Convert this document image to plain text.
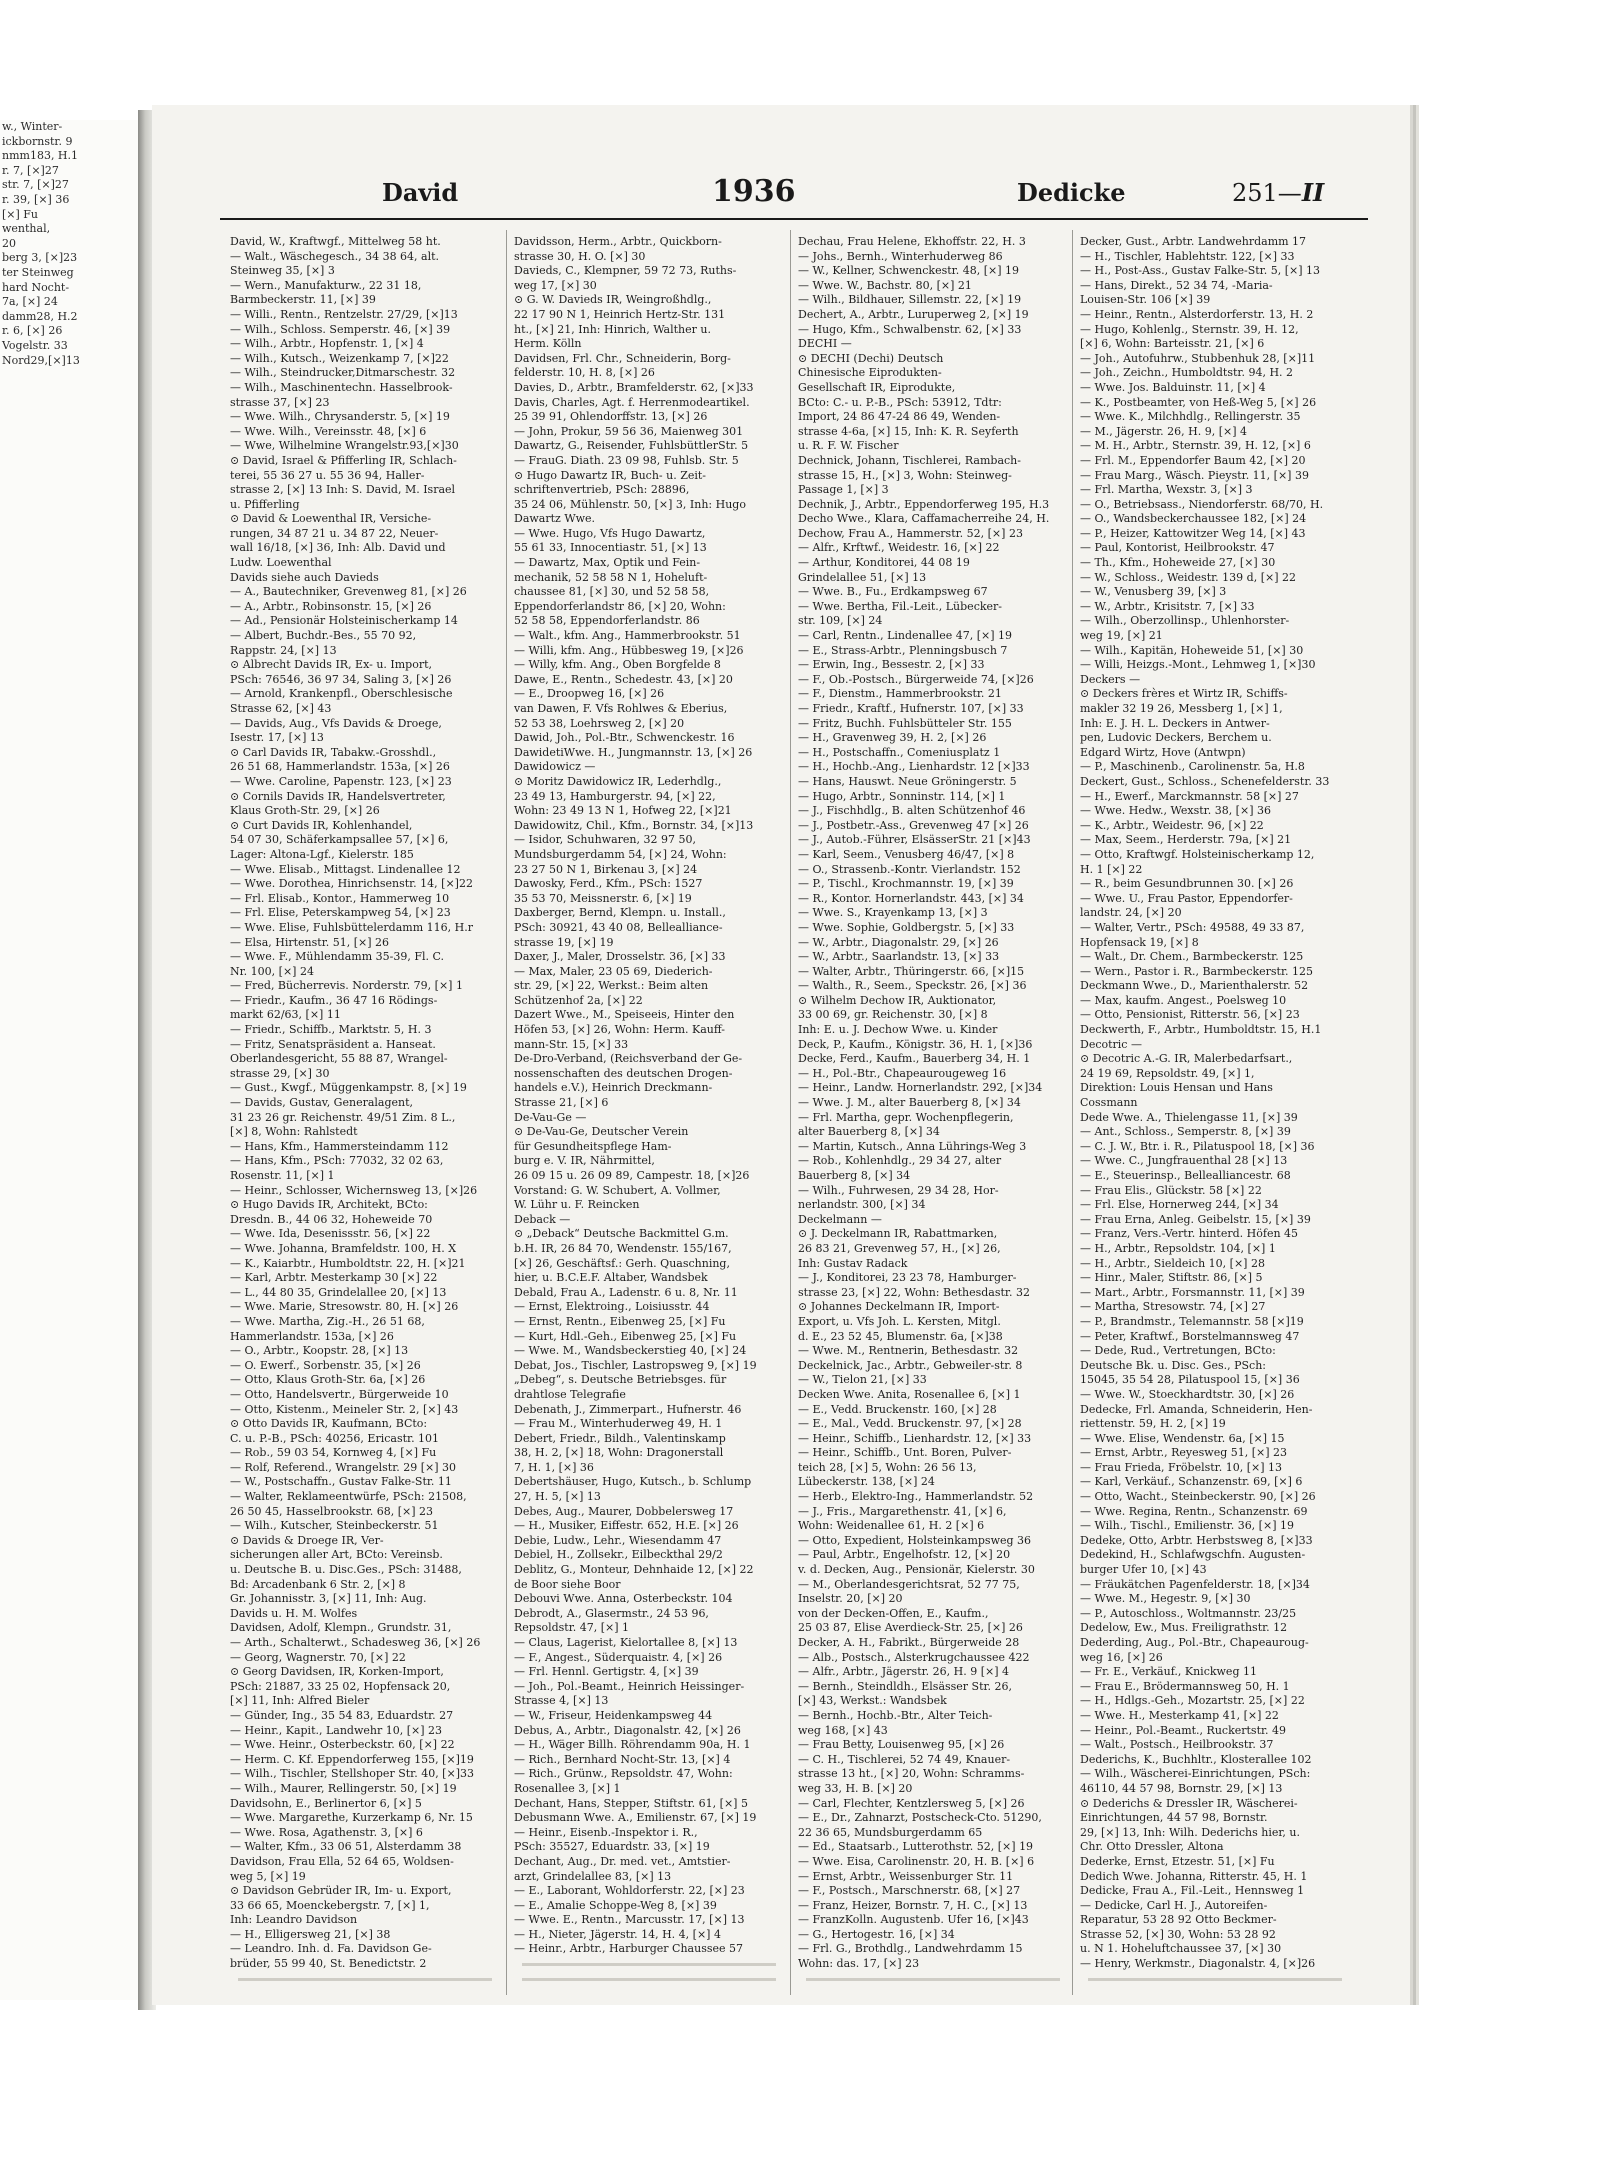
w., Winter-
ickbornstr. 9
nmm183, H.1
r. 7, [×]27
str. 7, [×]27
r. 39, [×] 36
[×] Fu
wenthal,
20
berg 3, [×]23
ter Steinweg
hard Nocht-
7a, [×] 24
damm28, H.2
r. 6, [×] 26
Vogelstr. 33
Nord29,[×]13
David	1936	Dedicke	251—II
David, W., Kraftwgf., Mittelweg 58 ht.
— Walt., Wäschegesch., 34 38 64, alt.
Steinweg 35, [×] 3
— Wern., Manufakturw., 22 31 18,
Barmbeckerstr. 11, [×] 39
— Willi., Rentn., Rentzelstr. 27/29, [×]13
— Wilh., Schloss. Semperstr. 46, [×] 39
— Wilh., Arbtr., Hopfenstr. 1, [×] 4
— Wilh., Kutsch., Weizenkamp 7, [×]22
— Wilh., Steindrucker,Ditmarschestr. 32
— Wilh., Maschinentechn. Hasselbrook-
strasse 37, [×] 23
— Wwe. Wilh., Chrysanderstr. 5, [×] 19
— Wwe. Wilh., Vereinsstr. 48, [×] 6
— Wwe, Wilhelmine Wrangelstr.93,[×]30
⊙ David, Israel & Pfifferling IR, Schlach-
terei, 55 36 27 u. 55 36 94, Haller-
strasse 2, [×] 13 Inh: S. David, M. Israel
u. Pfifferling
⊙ David & Loewenthal IR, Versiche-
rungen, 34 87 21 u. 34 87 22, Neuer-
wall 16/18, [×] 36, Inh: Alb. David und
Ludw. Loewenthal
Davids siehe auch Davieds
— A., Bautechniker, Grevenweg 81, [×] 26
— A., Arbtr., Robinsonstr. 15, [×] 26
— Ad., Pensionär Holsteinischerkamp 14
— Albert, Buchdr.-Bes., 55 70 92,
Rappstr. 24, [×] 13
⊙ Albrecht Davids IR, Ex- u. Import,
PSch: 76546, 36 97 34, Saling 3, [×] 26
— Arnold, Krankenpfl., Oberschlesische
Strasse 62, [×] 43
— Davids, Aug., Vfs Davids & Droege,
Isestr. 17, [×] 13
⊙ Carl Davids IR, Tabakw.-Grosshdl.,
26 51 68, Hammerlandstr. 153a, [×] 26
— Wwe. Caroline, Papenstr. 123, [×] 23
⊙ Cornils Davids IR, Handelsvertreter,
Klaus Groth-Str. 29, [×] 26
⊙ Curt Davids IR, Kohlenhandel,
54 07 30, Schäferkampsallee 57, [×] 6,
Lager: Altona-Lgf., Kielerstr. 185
— Wwe. Elisab., Mittagst. Lindenallee 12
— Wwe. Dorothea, Hinrichsenstr. 14, [×]22
— Frl. Elisab., Kontor., Hammerweg 10
— Frl. Elise, Peterskampweg 54, [×] 23
— Wwe. Elise, Fuhlsbüttelerdamm 116, H.r
— Elsa, Hirtenstr. 51, [×] 26
— Wwe. F., Mühlendamm 35-39, Fl. C.
Nr. 100, [×] 24
— Fred, Bücherrevis. Norderstr. 79, [×] 1
— Friedr., Kaufm., 36 47 16 Rödings-
markt 62/63, [×] 11
— Friedr., Schiffb., Marktstr. 5, H. 3
— Fritz, Senatspräsident a. Hanseat.
Oberlandesgericht, 55 88 87, Wrangel-
strasse 29, [×] 30
— Gust., Kwgf., Müggenkampstr. 8, [×] 19
— Davids, Gustav, Generalagent,
31 23 26 gr. Reichenstr. 49/51 Zim. 8 L.,
[×] 8, Wohn: Rahlstedt
— Hans, Kfm., Hammersteindamm 112
— Hans, Kfm., PSch: 77032, 32 02 63,
Rosenstr. 11, [×] 1
— Heinr., Schlosser, Wichernsweg 13, [×]26
⊙ Hugo Davids IR, Architekt, BCto:
Dresdn. B., 44 06 32, Hoheweide 70
— Wwe. Ida, Desenissstr. 56, [×] 22
— Wwe. Johanna, Bramfeldstr. 100, H. X
— K., Kaiarbtr., Humboldtstr. 22, H. [×]21
— Karl, Arbtr. Mesterkamp 30 [×] 22
— L., 44 80 35, Grindelallee 20, [×] 13
— Wwe. Marie, Stresowstr. 80, H. [×] 26
— Wwe. Martha, Zig.-H., 26 51 68,
Hammerlandstr. 153a, [×] 26
— O., Arbtr., Koopstr. 28, [×] 13
— O. Ewerf., Sorbenstr. 35, [×] 26
— Otto, Klaus Groth-Str. 6a, [×] 26
— Otto, Handelsvertr., Bürgerweide 10
— Otto, Kistenm., Meineler Str. 2, [×] 43
⊙ Otto Davids IR, Kaufmann, BCto:
C. u. P.-B., PSch: 40256, Ericastr. 101
— Rob., 59 03 54, Kornweg 4, [×] Fu
— Rolf, Referend., Wrangelstr. 29 [×] 30
— W., Postschaffn., Gustav Falke-Str. 11
— Walter, Reklameentwürfe, PSch: 21508,
26 50 45, Hasselbrookstr. 68, [×] 23
— Wilh., Kutscher, Steinbeckerstr. 51
⊙ Davids & Droege IR, Ver-
sicherungen aller Art, BCto: Vereinsb.
u. Deutsche B. u. Disc.Ges., PSch: 31488,
Bd: Arcadenbank 6 Str. 2, [×] 8
Gr. Johannisstr. 3, [×] 11, Inh: Aug.
Davids u. H. M. Wolfes
Davidsen, Adolf, Klempn., Grundstr. 31,
— Arth., Schalterwt., Schadesweg 36, [×] 26
— Georg, Wagnerstr. 70, [×] 22
⊙ Georg Davidsen, IR, Korken-Import,
PSch: 21887, 33 25 02, Hopfensack 20,
[×] 11, Inh: Alfred Bieler
— Günder, Ing., 35 54 83, Eduardstr. 27
— Heinr., Kapit., Landwehr 10, [×] 23
— Wwe. Heinr., Osterbeckstr. 60, [×] 22
— Herm. C. Kf. Eppendorferweg 155, [×]19
— Wilh., Tischler, Stellshoper Str. 40, [×]33
— Wilh., Maurer, Rellingerstr. 50, [×] 19
Davidsohn, E., Berlinertor 6, [×] 5
— Wwe. Margarethe, Kurzerkamp 6, Nr. 15
— Wwe. Rosa, Agathenstr. 3, [×] 6
— Walter, Kfm., 33 06 51, Alsterdamm 38
Davidson, Frau Ella, 52 64 65, Woldsen-
weg 5, [×] 19
⊙ Davidson Gebrüder IR, Im- u. Export,
33 66 65, Moenckebergstr. 7, [×] 1,
Inh: Leandro Davidson
— H., Elligersweg 21, [×] 38
— Leandro. Inh. d. Fa. Davidson Ge-
brüder, 55 99 40, St. Benedictstr. 2
Davidsson, Herm., Arbtr., Quickborn-
strasse 30, H. O. [×] 30
Davieds, C., Klempner, 59 72 73, Ruths-
weg 17, [×] 30
⊙ G. W. Davieds IR, Weingroßhdlg.,
22 17 90 N 1, Heinrich Hertz-Str. 131
ht., [×] 21, Inh: Hinrich, Walther u.
Herm. Kölln
Davidsen, Frl. Chr., Schneiderin, Borg-
felderstr. 10, H. 8, [×] 26
Davies, D., Arbtr., Bramfelderstr. 62, [×]33
Davis, Charles, Agt. f. Herrenmodeartikel.
25 39 91, Ohlendorffstr. 13, [×] 26
— John, Prokur, 59 56 36, Maienweg 301
Dawartz, G., Reisender, FuhlsbüttlerStr. 5
— FrauG. Diath. 23 09 98, Fuhlsb. Str. 5
⊙ Hugo Dawartz IR, Buch- u. Zeit-
schriftenvertrieb, PSch: 28896,
35 24 06, Mühlenstr. 50, [×] 3, Inh: Hugo
Dawartz Wwe.
— Wwe. Hugo, Vfs Hugo Dawartz,
55 61 33, Innocentiastr. 51, [×] 13
— Dawartz, Max, Optik und Fein-
mechanik, 52 58 58 N 1, Hoheluft-
chaussee 81, [×] 30, und 52 58 58,
Eppendorferlandstr 86, [×] 20, Wohn:
52 58 58, Eppendorferlandstr. 86
— Walt., kfm. Ang., Hammerbrookstr. 51
— Willi, kfm. Ang., Hübbesweg 19, [×]26
— Willy, kfm. Ang., Oben Borgfelde 8
Dawe, E., Rentn., Schedestr. 43, [×] 20
— E., Droopweg 16, [×] 26
van Dawen, F. Vfs Rohlwes & Eberius,
52 53 38, Loehrsweg 2, [×] 20
Dawid, Joh., Pol.-Btr., Schwenckestr. 16
DawidetiWwe. H., Jungmannstr. 13, [×] 26
Dawidowicz —
⊙ Moritz Dawidowicz IR, Lederhdlg.,
23 49 13, Hamburgerstr. 94, [×] 22,
Wohn: 23 49 13 N 1, Hofweg 22, [×]21
Dawidowitz, Chil., Kfm., Bornstr. 34, [×]13
— Isidor, Schuhwaren, 32 97 50,
Mundsburgerdamm 54, [×] 24, Wohn:
23 27 50 N 1, Birkenau 3, [×] 24
Dawosky, Ferd., Kfm., PSch: 1527
35 53 70, Meissnerstr. 6, [×] 19
Daxberger, Bernd, Klempn. u. Install.,
PSch: 30921, 43 40 08, Bellealliance-
strasse 19, [×] 19
Daxer, J., Maler, Drosselstr. 36, [×] 33
— Max, Maler, 23 05 69, Diederich-
str. 29, [×] 22, Werkst.: Beim alten
Schützenhof 2a, [×] 22
Dazert Wwe., M., Speiseeis, Hinter den
Höfen 53, [×] 26, Wohn: Herm. Kauff-
mann-Str. 15, [×] 33
De-Dro-Verband, (Reichsverband der Ge-
nossenschaften des deutschen Drogen-
handels e.V.), Heinrich Dreckmann-
Strasse 21, [×] 6
De-Vau-Ge —
⊙ De-Vau-Ge, Deutscher Verein
für Gesundheitspflege Ham-
burg e. V. IR, Nährmittel,
26 09 15 u. 26 09 89, Campestr. 18, [×]26
Vorstand: G. W. Schubert, A. Vollmer,
W. Lühr u. F. Reincken
Deback —
⊙ „Deback“ Deutsche Backmittel G.m.
b.H. IR, 26 84 70, Wendenstr. 155/167,
[×] 26, Geschäftsf.: Gerh. Quaschning,
hier, u. B.C.E.F. Altaber, Wandsbek
Debald, Frau A., Ladenstr. 6 u. 8, Nr. 11
— Ernst, Elektroing., Loisiusstr. 44
— Ernst, Rentn., Eibenweg 25, [×] Fu
— Kurt, Hdl.-Geh., Eibenweg 25, [×] Fu
— Wwe. M., Wandsbeckerstieg 40, [×] 24
Debat, Jos., Tischler, Lastropsweg 9, [×] 19
„Debeg“, s. Deutsche Betriebsges. für
drahtlose Telegrafie
Debenath, J., Zimmerpart., Hufnerstr. 46
— Frau M., Winterhuderweg 49, H. 1
Debert, Friedr., Bildh., Valentinskamp
38, H. 2, [×] 18, Wohn: Dragonerstall
7, H. 1, [×] 36
Debertshäuser, Hugo, Kutsch., b. Schlump
27, H. 5, [×] 13
Debes, Aug., Maurer, Dobbelersweg 17
— H., Musiker, Eiffestr. 652, H.E. [×] 26
Debie, Ludw., Lehr., Wiesendamm 47
Debiel, H., Zollsekr., Eilbeckthal 29/2
Deblitz, G., Monteur, Dehnhaide 12, [×] 22
de Boor siehe Boor
Debouvi Wwe. Anna, Osterbeckstr. 104
Debrodt, A., Glasermstr., 24 53 96,
Repsoldstr. 47, [×] 1
— Claus, Lagerist, Kielortallee 8, [×] 13
— F., Angest., Süderquaistr. 4, [×] 26
— Frl. Hennl. Gertigstr. 4, [×] 39
— Joh., Pol.-Beamt., Heinrich Heissinger-
Strasse 4, [×] 13
— W., Friseur, Heidenkampsweg 44
Debus, A., Arbtr., Diagonalstr. 42, [×] 26
— H., Wäger Billh. Röhrendamm 90a, H. 1
— Rich., Bernhard Nocht-Str. 13, [×] 4
— Rich., Grünw., Repsoldstr. 47, Wohn:
Rosenallee 3, [×] 1
Dechant, Hans, Stepper, Stiftstr. 61, [×] 5
Debusmann Wwe. A., Emilienstr. 67, [×] 19
— Heinr., Eisenb.-Inspektor i. R.,
PSch: 35527, Eduardstr. 33, [×] 19
Dechant, Aug., Dr. med. vet., Amtstier-
arzt, Grindelallee 83, [×] 13
— E., Laborant, Wohldorferstr. 22, [×] 23
— E., Amalie Schoppe-Weg 8, [×] 39
— Wwe. E., Rentn., Marcusstr. 17, [×] 13
— H., Nieter, Jägerstr. 14, H. 4, [×] 4
— Heinr., Arbtr., Harburger Chaussee 57
Dechau, Frau Helene, Ekhoffstr. 22, H. 3
— Johs., Bernh., Winterhuderweg 86
— W., Kellner, Schwenckestr. 48, [×] 19
— Wwe. W., Bachstr. 80, [×] 21
— Wilh., Bildhauer, Sillemstr. 22, [×] 19
Dechert, A., Arbtr., Luruperweg 2, [×] 19
— Hugo, Kfm., Schwalbenstr. 62, [×] 33
DECHI —
⊙ DECHI (Dechi) Deutsch
Chinesische Eiprodukten-
Gesellschaft IR, Eiprodukte,
BCto: C.- u. P.-B., PSch: 53912, Tdtr:
Import, 24 86 47-24 86 49, Wenden-
strasse 4-6a, [×] 15, Inh: K. R. Seyferth
u. R. F. W. Fischer
Dechnick, Johann, Tischlerei, Rambach-
strasse 15, H., [×] 3, Wohn: Steinweg-
Passage 1, [×] 3
Dechnik, J., Arbtr., Eppendorferweg 195, H.3
Decho Wwe., Klara, Caffamacherreihe 24, H.
Dechow, Frau A., Hammerstr. 52, [×] 23
— Alfr., Krftwf., Weidestr. 16, [×] 22
— Arthur, Konditorei, 44 08 19
Grindelallee 51, [×] 13
— Wwe. B., Fu., Erdkampsweg 67
— Wwe. Bertha, Fil.-Leit., Lübecker-
str. 109, [×] 24
— Carl, Rentn., Lindenallee 47, [×] 19
— E., Strass-Arbtr., Plenningsbusch 7
— Erwin, Ing., Bessestr. 2, [×] 33
— F., Ob.-Postsch., Bürgerweide 74, [×]26
— F., Dienstm., Hammerbrookstr. 21
— Friedr., Kraftf., Hufnerstr. 107, [×] 33
— Fritz, Buchh. Fuhlsbütteler Str. 155
— H., Gravenweg 39, H. 2, [×] 26
— H., Postschaffn., Comeniusplatz 1
— H., Hochb.-Ang., Lienhardstr. 12 [×]33
— Hans, Hauswt. Neue Gröningerstr. 5
— Hugo, Arbtr., Sonninstr. 114, [×] 1
— J., Fischhdlg., B. alten Schützenhof 46
— J., Postbetr.-Ass., Grevenweg 47 [×] 26
— J., Autob.-Führer, ElsässerStr. 21 [×]43
— Karl, Seem., Venusberg 46/47, [×] 8
— O., Strassenb.-Kontr. Vierlandstr. 152
— P., Tischl., Krochmannstr. 19, [×] 39
— R., Kontor. Hornerlandstr. 443, [×] 34
— Wwe. S., Krayenkamp 13, [×] 3
— Wwe. Sophie, Goldbergstr. 5, [×] 33
— W., Arbtr., Diagonalstr. 29, [×] 26
— W., Arbtr., Saarlandstr. 13, [×] 33
— Walter, Arbtr., Thüringerstr. 66, [×]15
— Walth., R., Seem., Speckstr. 26, [×] 36
⊙ Wilhelm Dechow IR, Auktionator,
33 00 69, gr. Reichenstr. 30, [×] 8
Inh: E. u. J. Dechow Wwe. u. Kinder
Deck, P., Kaufm., Königstr. 36, H. 1, [×]36
Decke, Ferd., Kaufm., Bauerberg 34, H. 1
— H., Pol.-Btr., Chapeaurougeweg 16
— Heinr., Landw. Hornerlandstr. 292, [×]34
— Wwe. J. M., alter Bauerberg 8, [×] 34
— Frl. Martha, gepr. Wochenpflegerin,
alter Bauerberg 8, [×] 34
— Martin, Kutsch., Anna Lührings-Weg 3
— Rob., Kohlenhdlg., 29 34 27, alter
Bauerberg 8, [×] 34
— Wilh., Fuhrwesen, 29 34 28, Hor-
nerlandstr. 300, [×] 34
Deckelmann —
⊙ J. Deckelmann IR, Rabattmarken,
26 83 21, Grevenweg 57, H., [×] 26,
Inh: Gustav Radack
— J., Konditorei, 23 23 78, Hamburger-
strasse 23, [×] 22, Wohn: Bethesdastr. 32
⊙ Johannes Deckelmann IR, Import-
Export, u. Vfs Joh. L. Kersten, Mitgl.
d. E., 23 52 45, Blumenstr. 6a, [×]38
— Wwe. M., Rentnerin, Bethesdastr. 32
Deckelnick, Jac., Arbtr., Gebweiler-str. 8
— W., Tielon 21, [×] 33
Decken Wwe. Anita, Rosenallee 6, [×] 1
— E., Vedd. Bruckenstr. 160, [×] 28
— E., Mal., Vedd. Bruckenstr. 97, [×] 28
— Heinr., Schiffb., Lienhardstr. 12, [×] 33
— Heinr., Schiffb., Unt. Boren, Pulver-
teich 28, [×] 5, Wohn: 26 56 13,
Lübeckerstr. 138, [×] 24
— Herb., Elektro-Ing., Hammerlandstr. 52
— J., Fris., Margarethenstr. 41, [×] 6,
Wohn: Weidenallee 61, H. 2 [×] 6
— Otto, Expedient, Holsteinkampsweg 36
— Paul, Arbtr., Engelhofstr. 12, [×] 20
v. d. Decken, Aug., Pensionär, Kielerstr. 30
— M., Oberlandesgerichtsrat, 52 77 75,
Inselstr. 20, [×] 20
von der Decken-Offen, E., Kaufm.,
25 03 87, Elise Averdieck-Str. 25, [×] 26
Decker, A. H., Fabrikt., Bürgerweide 28
— Alb., Postsch., Alsterkrugchaussee 422
— Alfr., Arbtr., Jägerstr. 26, H. 9 [×] 4
— Bernh., Steindldh., Elsässer Str. 26,
[×] 43, Werkst.: Wandsbek
— Bernh., Hochb.-Btr., Alter Teich-
weg 168, [×] 43
— Frau Betty, Louisenweg 95, [×] 26
— C. H., Tischlerei, 52 74 49, Knauer-
strasse 13 ht., [×] 20, Wohn: Schramms-
weg 33, H. B. [×] 20
— Carl, Flechter, Kentzlersweg 5, [×] 26
— E., Dr., Zahnarzt, Postscheck-Cto. 51290,
22 36 65, Mundsburgerdamm 65
— Ed., Staatsarb., Lutterothstr. 52, [×] 19
— Wwe. Eisa, Carolinenstr. 20, H. B. [×] 6
— Ernst, Arbtr., Weissenburger Str. 11
— F., Postsch., Marschnerstr. 68, [×] 27
— Franz, Heizer, Bornstr. 7, H. C., [×] 13
— FranzKolln. Augustenb. Ufer 16, [×]43
— G., Hertogestr. 16, [×] 34
— Frl. G., Brothdlg., Landwehrdamm 15
Wohn: das. 17, [×] 23
Decker, Gust., Arbtr. Landwehrdamm 17
— H., Tischler, Hablehtstr. 122, [×] 33
— H., Post-Ass., Gustav Falke-Str. 5, [×] 13
— Hans, Direkt., 52 34 74, -Maria-
Louisen-Str. 106 [×] 39
— Heinr., Rentn., Alsterdorferstr. 13, H. 2
— Hugo, Kohlenlg., Sternstr. 39, H. 12,
[×] 6, Wohn: Barteisstr. 21, [×] 6
— Joh., Autofuhrw., Stubbenhuk 28, [×]11
— Joh., Zeichn., Humboldtstr. 94, H. 2
— Wwe. Jos. Balduinstr. 11, [×] 4
— K., Postbeamter, von Heß-Weg 5, [×] 26
— Wwe. K., Milchhdlg., Rellingerstr. 35
— M., Jägerstr. 26, H. 9, [×] 4
— M. H., Arbtr., Sternstr. 39, H. 12, [×] 6
— Frl. M., Eppendorfer Baum 42, [×] 20
— Frau Marg., Wäsch. Pieystr. 11, [×] 39
— Frl. Martha, Wexstr. 3, [×] 3
— O., Betriebsass., Niendorferstr. 68/70, H.
— O., Wandsbeckerchaussee 182, [×] 24
— P., Heizer, Kattowitzer Weg 14, [×] 43
— Paul, Kontorist, Heilbrookstr. 47
— Th., Kfm., Hoheweide 27, [×] 30
— W., Schloss., Weidestr. 139 d, [×] 22
— W., Venusberg 39, [×] 3
— W., Arbtr., Krisitstr. 7, [×] 33
— Wilh., Oberzollinsp., Uhlenhorster-
weg 19, [×] 21
— Wilh., Kapitän, Hoheweide 51, [×] 30
— Willi, Heizgs.-Mont., Lehmweg 1, [×]30
Deckers —
⊙ Deckers frères et Wirtz IR, Schiffs-
makler 32 19 26, Messberg 1, [×] 1,
Inh: E. J. H. L. Deckers in Antwer-
pen, Ludovic Deckers, Berchem u.
Edgard Wirtz, Hove (Antwpn)
— P., Maschinenb., Carolinenstr. 5a, H.8
Deckert, Gust., Schloss., Schenefelderstr. 33
— H., Ewerf., Marckmannstr. 58 [×] 27
— Wwe. Hedw., Wexstr. 38, [×] 36
— K., Arbtr., Weidestr. 96, [×] 22
— Max, Seem., Herderstr. 79a, [×] 21
— Otto, Kraftwgf. Holsteinischerkamp 12,
H. 1 [×] 22
— R., beim Gesundbrunnen 30. [×] 26
— Wwe. U., Frau Pastor, Eppendorfer-
landstr. 24, [×] 20
— Walter, Vertr., PSch: 49588, 49 33 87,
Hopfensack 19, [×] 8
— Walt., Dr. Chem., Barmbeckerstr. 125
— Wern., Pastor i. R., Barmbeckerstr. 125
Deckmann Wwe., D., Marienthalerstr. 52
— Max, kaufm. Angest., Poelsweg 10
— Otto, Pensionist, Ritterstr. 56, [×] 23
Deckwerth, F., Arbtr., Humboldtstr. 15, H.1
Decotric —
⊙ Decotric A.-G. IR, Malerbedarfsart.,
24 19 69, Repsoldstr. 49, [×] 1,
Direktion: Louis Hensan und Hans
Cossmann
Dede Wwe. A., Thielengasse 11, [×] 39
— Ant., Schloss., Semperstr. 8, [×] 39
— C. J. W., Btr. i. R., Pilatuspool 18, [×] 36
— Wwe. C., Jungfrauenthal 28 [×] 13
— E., Steuerinsp., Bellealliancestr. 68
— Frau Elis., Glückstr. 58 [×] 22
— Frl. Else, Hornerweg 244, [×] 34
— Frau Erna, Anleg. Geibelstr. 15, [×] 39
— Franz, Vers.-Vertr. hinterd. Höfen 45
— H., Arbtr., Repsoldstr. 104, [×] 1
— H., Arbtr., Sieldeich 10, [×] 28
— Hinr., Maler, Stiftstr. 86, [×] 5
— Mart., Arbtr., Forsmannstr. 11, [×] 39
— Martha, Stresowstr. 74, [×] 27
— P., Brandmstr., Telemannstr. 58 [×]19
— Peter, Kraftwf., Borstelmannsweg 47
— Dede, Rud., Vertretungen, BCto:
Deutsche Bk. u. Disc. Ges., PSch:
15045, 35 54 28, Pilatuspool 15, [×] 36
— Wwe. W., Stoeckhardtstr. 30, [×] 26
Dedecke, Frl. Amanda, Schneiderin, Hen-
riettenstr. 59, H. 2, [×] 19
— Wwe. Elise, Wendenstr. 6a, [×] 15
— Ernst, Arbtr., Reyesweg 51, [×] 23
— Frau Frieda, Fröbelstr. 10, [×] 13
— Karl, Verkäuf., Schanzenstr. 69, [×] 6
— Otto, Wacht., Steinbeckerstr. 90, [×] 26
— Wwe. Regina, Rentn., Schanzenstr. 69
— Wilh., Tischl., Emilienstr. 36, [×] 19
Dedeke, Otto, Arbtr. Herbstsweg 8, [×]33
Dedekind, H., Schlafwgschfn. Augusten-
burger Ufer 10, [×] 43
— Fräukätchen Pagenfelderstr. 18, [×]34
— Wwe. M., Hegestr. 9, [×] 30
— P., Autoschloss., Woltmannstr. 23/25
Dedelow, Ew., Mus. Freiligrathstr. 12
Dederding, Aug., Pol.-Btr., Chapeauroug-
weg 16, [×] 26
— Fr. E., Verkäuf., Knickweg 11
— Frau E., Brödermannsweg 50, H. 1
— H., Hdlgs.-Geh., Mozartstr. 25, [×] 22
— Wwe. H., Mesterkamp 41, [×] 22
— Heinr., Pol.-Beamt., Ruckertstr. 49
— Walt., Postsch., Heilbrookstr. 37
Dederichs, K., Buchhltr., Klosterallee 102
— Wilh., Wäscherei-Einrichtungen, PSch:
46110, 44 57 98, Bornstr. 29, [×] 13
⊙ Dederichs & Dressler IR, Wäscherei-
Einrichtungen, 44 57 98, Bornstr.
29, [×] 13, Inh: Wilh. Dederichs hier, u.
Chr. Otto Dressler, Altona
Dederke, Ernst, Etzestr. 51, [×] Fu
Dedich Wwe. Johanna, Ritterstr. 45, H. 1
Dedicke, Frau A., Fil.-Leit., Hennsweg 1
— Dedicke, Carl H. J., Autoreifen-
Reparatur, 53 28 92 Otto Beckmer-
Strasse 52, [×] 30, Wohn: 53 28 92
u. N 1. Hoheluftchaussee 37, [×] 30
— Henry, Werkmstr., Diagonalstr. 4, [×]26
